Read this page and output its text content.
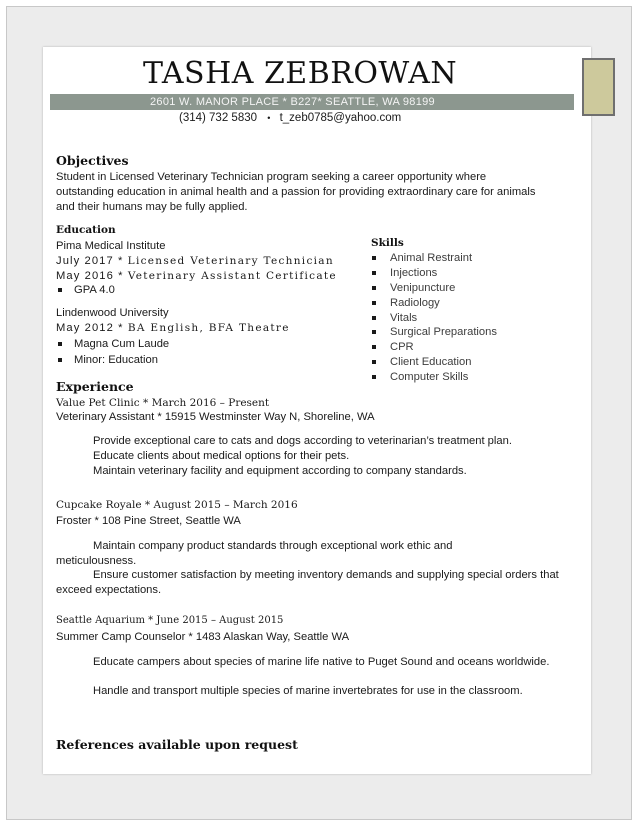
TASHA ZEBROWAN
2601 W. MANOR PLACE * B227* SEATTLE, WA 98199
(314) 732 5830 • t_zeb0785@yahoo.com
Objectives
Student in Licensed Veterinary Technician program seeking a career opportunity where
outstanding education in animal health and a passion for providing extraordinary care for animals
and their humans may be fully applied.
Education
Pima Medical Institute
July 2017 * Licensed Veterinary Technician
May 2016 * Veterinary Assistant Certificate
GPA 4.0
Lindenwood University
May 2012 * BA English, BFA Theatre
Magna Cum Laude
Minor: Education
Skills
Animal Restraint
Injections
Venipuncture
Radiology
Vitals
Surgical Preparations
CPR
Client Education
Computer Skills
Experience
Value Pet Clinic * March 2016 – Present
Veterinary Assistant * 15915 Westminster Way N, Shoreline, WA
Provide exceptional care to cats and dogs according to veterinarian’s treatment plan.
Educate clients about medical options for their pets.
Maintain veterinary facility and equipment according to company standards.
Cupcake Royale * August 2015 – March 2016
Froster * 108 Pine Street, Seattle WA
Maintain company product standards through exceptional work ethic and meticulousness.
Ensure customer satisfaction by meeting inventory demands and supplying special orders that exceed expectations.
Seattle Aquarium * June 2015 – August 2015
Summer Camp Counselor * 1483 Alaskan Way, Seattle WA
Educate campers about species of marine life native to Puget Sound and oceans worldwide.
Handle and transport multiple species of marine invertebrates for use in the classroom.
References available upon request
